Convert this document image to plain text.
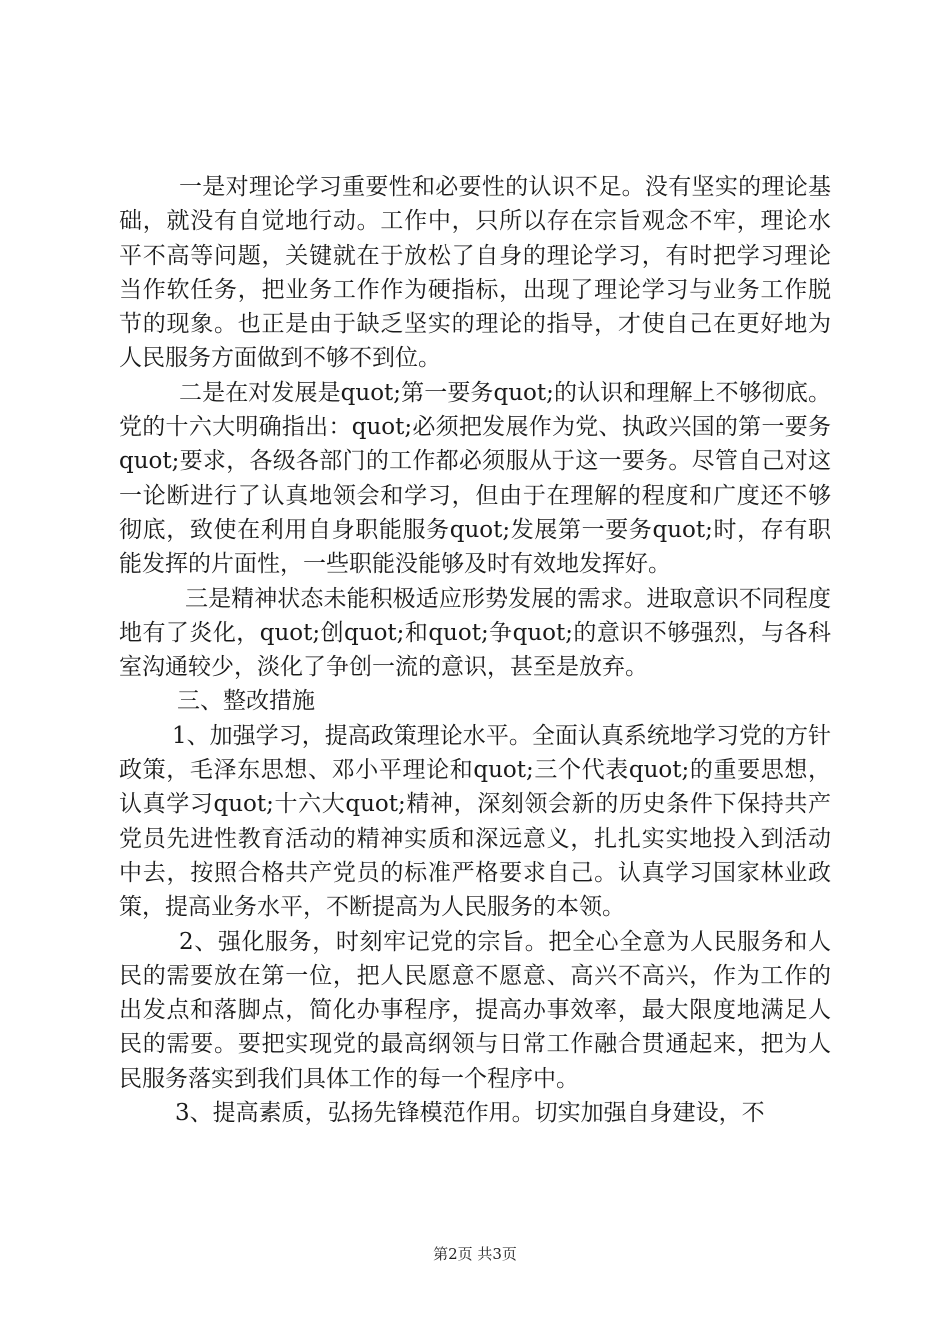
一是对理论学习重要性和必要性的认识不足。没有坚实的理论基础，就没有自觉地行动。工作中，只所以存在宗旨观念不牢，理论水平不高等问题，关键就在于放松了自身的理论学习，有时把学习理论当作软任务，把业务工作作为硬指标，出现了理论学习与业务工作脱节的现象。也正是由于缺乏坚实的理论的指导，才使自己在更好地为人民服务方面做到不够不到位。

二是在对发展是quot;第一要务quot;的认识和理解上不够彻底。党的十六大明确指出：quot;必须把发展作为党、执政兴国的第一要务quot;要求，各级各部门的工作都必须服从于这一要务。尽管自己对这一论断进行了认真地领会和学习，但由于在理解的程度和广度还不够彻底，致使在利用自身职能服务quot;发展第一要务quot;时，存有职能发挥的片面性，一些职能没能够及时有效地发挥好。

三是精神状态未能积极适应形势发展的需求。进取意识不同程度地有了炎化，quot;创quot;和quot;争quot;的意识不够强烈，与各科室沟通较少，淡化了争创一流的意识，甚至是放弃。

三、整改措施

1、加强学习，提高政策理论水平。全面认真系统地学习党的方针政策，毛泽东思想、邓小平理论和quot;三个代表quot;的重要思想，认真学习quot;十六大quot;精神，深刻领会新的历史条件下保持共产党员先进性教育活动的精神实质和深远意义，扎扎实实地投入到活动中去，按照合格共产党员的标准严格要求自己。认真学习国家林业政策，提高业务水平，不断提高为人民服务的本领。

2、强化服务，时刻牢记党的宗旨。把全心全意为人民服务和人民的需要放在第一位，把人民愿意不愿意、高兴不高兴，作为工作的出发点和落脚点，简化办事程序，提高办事效率，最大限度地满足人民的需要。要把实现党的最高纲领与日常工作融合贯通起来，把为人民服务落实到我们具体工作的每一个程序中。

3、提高素质，弘扬先锋模范作用。切实加强自身建设，不

第2页 共3页
